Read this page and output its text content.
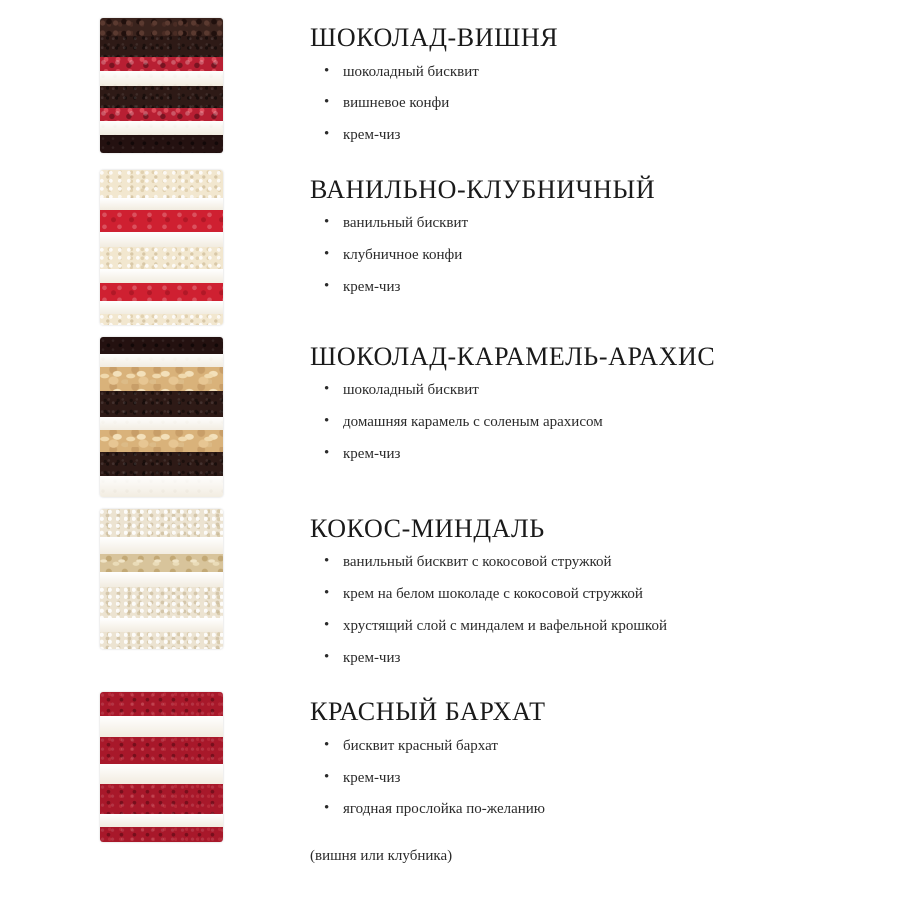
ШОКОЛАД-ВИШНЯ
• шоколадный бисквит
• вишневое конфи
• крем-чиз
ВАНИЛЬНО-КЛУБНИЧНЫЙ
• ванильный бисквит
• клубничное конфи
• крем-чиз
ШОКОЛАД-КАРАМЕЛЬ-АРАХИС
• шоколадный бисквит
• домашняя карамель с соленым арахисом
• крем-чиз
КОКОС-МИНДАЛЬ
• ванильный бисквит с кокосовой стружкой
• крем на белом шоколаде с кокосовой стружкой
• хрустящий слой с миндалем и вафельной крошкой
• крем-чиз
КРАСНЫЙ БАРХАТ
• бисквит красный бархат
• крем-чиз
• ягодная прослойка по-желанию
(вишня или клубника)
